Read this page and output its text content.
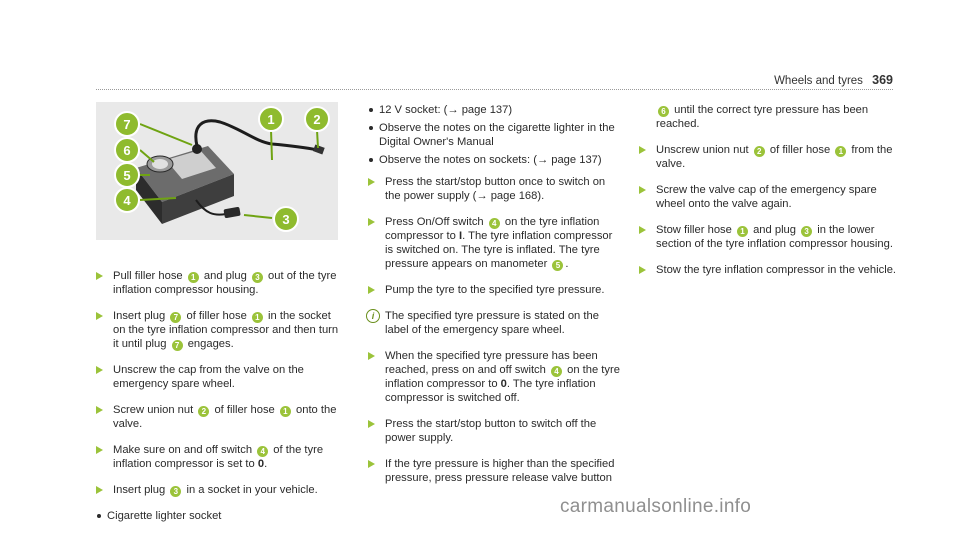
Wheels and tyres 369
7
6
5
4
1	2
3
Pull filler hose 1 and plug 3 out of the tyre inflation compressor housing.
Insert plug 7 of filler hose 1 in the socket on the tyre inflation compressor and then turn it until plug 7 engages.
Unscrew the cap from the valve on the emergency spare wheel.
Screw union nut 2 of filler hose 1 onto the valve.
Make sure on and off switch 4 of the tyre inflation compressor is set to 0.
Insert plug 3 in a socket in your vehicle.
Cigarette lighter socket
12 V socket: (→ page 137)
Observe the notes on the cigarette lighter in the Digital Owner's Manual
Observe the notes on sockets: (→ page 137)
Press the start/stop button once to switch on the power supply (→ page 168).
Press On/Off switch 4 on the tyre inflation compressor to I. The tyre inflation compressor is switched on. The tyre is inflated. The tyre pressure appears on manometer 5 .
Pump the tyre to the specified tyre pressure.
i The specified tyre pressure is stated on the label of the emergency spare wheel.
When the specified tyre pressure has been reached, press on and off switch 4 on the tyre inflation compressor to 0. The tyre inflation compressor is switched off.
Press the start/stop button to switch off the power supply.
If the tyre pressure is higher than the specified pressure, press pressure release valve button
6 until the correct tyre pressure has been reached.
Unscrew union nut 2 of filler hose 1 from the valve.
Screw the valve cap of the emergency spare wheel onto the valve again.
Stow filler hose 1 and plug 3 in the lower section of the tyre inflation compressor housing.
Stow the tyre inflation compressor in the vehicle.
carmanualsonline.info
